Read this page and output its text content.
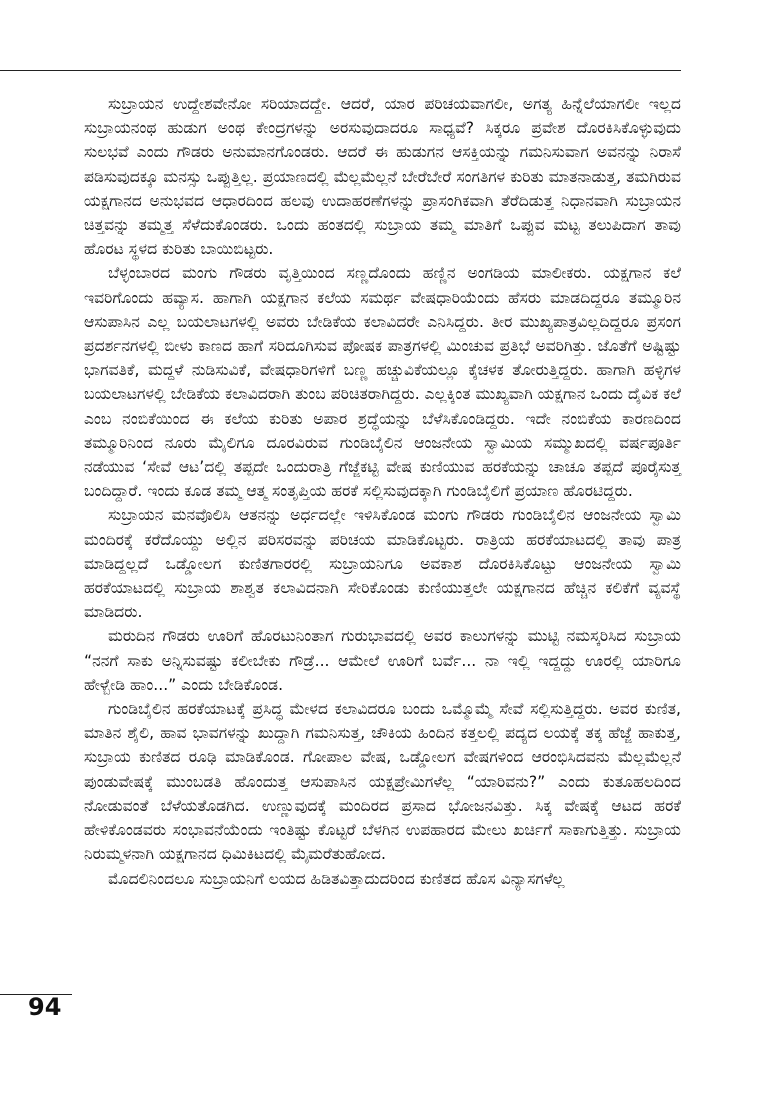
ಸುಬ್ರಾಯನ ಉದ್ದೇಶವೇನೋ ಸರಿಯಾದದ್ದೇ. ಆದರೆ, ಯಾರ ಪರಿಚಯವಾಗಲೀ, ಅಗತ್ಯ ಹಿನ್ನೆಲೆಯಾಗಲೀ ಇಲ್ಲದ ಸುಬ್ರಾಯನಂಥ ಹುಡುಗ ಅಂಥ ಕೇಂದ್ರಗಳನ್ನು ಅರಸುವುದಾದರೂ ಸಾಧ್ಯವೆ? ಸಿಕ್ಕರೂ ಪ್ರವೇಶ ದೊರಕಿಸಿಕೊಳ್ಳುವುದು ಸುಲಭವೆ ಎಂದು ಗೌಡರು ಅನುಮಾನಗೊಂಡರು. ಆದರೆ ಈ ಹುಡುಗನ ಆಸಕ್ತಿಯನ್ನು ಗಮನಿಸುವಾಗ ಅವನನ್ನು ನಿರಾಸೆ ಪಡಿಸುವುದಕ್ಕೂ ಮನಸ್ಸು ಒಪ್ಪುತ್ತಿಲ್ಲ. ಪ್ರಯಾಣದಲ್ಲಿ ಮೆಲ್ಲಮೆಲ್ಲನೆ ಬೇರೆಬೇರೆ ಸಂಗತಿಗಳ ಕುರಿತು ಮಾತನಾಡುತ್ತ, ತಮಗಿರುವ ಯಕ್ಷಗಾನದ ಅನುಭವದ ಆಧಾರದಿಂದ ಹಲವು ಉದಾಹರಣೆಗಳನ್ನು ಪ್ರಾಸಂಗಿಕವಾಗಿ ತೆರೆದಿಡುತ್ತ ನಿಧಾನವಾಗಿ ಸುಬ್ರಾಯನ ಚಿತ್ತವನ್ನು ತಮ್ಮತ್ತ ಸೆಳೆದುಕೊಂಡರು. ಒಂದು ಹಂತದಲ್ಲಿ ಸುಬ್ರಾಯ ತಮ್ಮ ಮಾತಿಗೆ ಒಪ್ಪುವ ಮಟ್ಟ ತಲುಪಿದಾಗ ತಾವು ಹೊರಟ ಸ್ಥಳದ ಕುರಿತು ಬಾಯಿಬಿಟ್ಟರು.

ಬೆಳ್ಳಂಬಾರದ ಮಂಗು ಗೌಡರು ವೃತ್ತಿಯಿಂದ ಸಣ್ಣದೊಂದು ಹಣ್ಣಿನ ಅಂಗಡಿಯ ಮಾಲೀಕರು. ಯಕ್ಷಗಾನ ಕಲೆ ಇವರಿಗೊಂದು ಹವ್ಯಾಸ. ಹಾಗಾಗಿ ಯಕ್ಷಗಾನ ಕಲೆಯ ಸಮರ್ಥ ವೇಷಧಾರಿಯೆಂದು ಹೆಸರು ಮಾಡದಿದ್ದರೂ ತಮ್ಮೂರಿನ ಆಸುಪಾಸಿನ ಎಲ್ಲ ಬಯಲಾಟಗಳಲ್ಲಿ ಅವರು ಬೇಡಿಕೆಯ ಕಲಾವಿದರೇ ಎನಿಸಿದ್ದರು. ತೀರ ಮುಖ್ಯಪಾತ್ರವಿಲ್ಲದಿದ್ದರೂ ಪ್ರಸಂಗ ಪ್ರದರ್ಶನಗಳಲ್ಲಿ ಬೀಳು ಕಾಣದ ಹಾಗೆ ಸರಿದೂಗಿಸುವ ಪೋಷಕ ಪಾತ್ರಗಳಲ್ಲಿ ಮಿಂಚುವ ಪ್ರತಿಭೆ ಅವರಿಗಿತ್ತು. ಜೊತೆಗೆ ಅಷ್ಟಿಷ್ಟು ಭಾಗವತಿಕೆ, ಮದ್ದಳೆ ನುಡಿಸುವಿಕೆ, ವೇಷಧಾರಿಗಳಿಗೆ ಬಣ್ಣ ಹಚ್ಚುವಿಕೆಯಲ್ಲೂ ಕೈಚಳಕ ತೋರುತ್ತಿದ್ದರು. ಹಾಗಾಗಿ ಹಳ್ಳಿಗಳ ಬಯಲಾಟಗಳಲ್ಲಿ ಬೇಡಿಕೆಯ ಕಲಾವಿದರಾಗಿ ತುಂಬ ಪರಿಚಿತರಾಗಿದ್ದರು. ಎಲ್ಲಕ್ಕಿಂತ ಮುಖ್ಯವಾಗಿ ಯಕ್ಷಗಾನ ಒಂದು ದೈವಿಕ ಕಲೆ ಎಂಬ ನಂಬಿಕೆಯಿಂದ ಈ ಕಲೆಯ ಕುರಿತು ಅಪಾರ ಶ್ರದ್ಧೆಯನ್ನು ಬೆಳೆಸಿಕೊಂಡಿದ್ದರು. ಇದೇ ನಂಬಿಕೆಯ ಕಾರಣದಿಂದ ತಮ್ಮೂರಿನಿಂದ ನೂರು ಮೈಲಿಗೂ ದೂರವಿರುವ ಗುಂಡಿಬೈಲಿನ ಆಂಜನೇಯ ಸ್ವಾಮಿಯ ಸಮ್ಮುಖದಲ್ಲಿ ವರ್ಷಪೂರ್ತಿ ನಡೆಯುವ ‘ಸೇವೆ ಆಟ’ದಲ್ಲಿ ತಪ್ಪದೇ ಒಂದುರಾತ್ರಿ ಗೆಜ್ಜೆಕಟ್ಟಿ ವೇಷ ಕುಣಿಯುವ ಹರಕೆಯನ್ನು ಚಾಚೂ ತಪ್ಪದೆ ಪೂರೈಸುತ್ತ ಬಂದಿದ್ದಾರೆ. ಇಂದು ಕೂಡ ತಮ್ಮ ಆತ್ಮ ಸಂತೃಪ್ತಿಯ ಹರಕೆ ಸಲ್ಲಿಸುವುದಕ್ಕಾಗಿ ಗುಂಡಿಬೈಲಿಗೆ ಪ್ರಯಾಣ ಹೊರಟಿದ್ದರು.

ಸುಬ್ರಾಯನ ಮನವೊಲಿಸಿ ಆತನನ್ನು ಅರ್ಧದಲ್ಲೇ ಇಳಿಸಿಕೊಂಡ ಮಂಗು ಗೌಡರು ಗುಂಡಿಬೈಲಿನ ಆಂಜನೇಯ ಸ್ವಾಮಿ ಮಂದಿರಕ್ಕೆ ಕರೆದೊಯ್ದು ಅಲ್ಲಿನ ಪರಿಸರವನ್ನು ಪರಿಚಯ ಮಾಡಿಕೊಟ್ಟರು. ರಾತ್ರಿಯ ಹರಕೆಯಾಟದಲ್ಲಿ ತಾವು ಪಾತ್ರ ಮಾಡಿದ್ದಲ್ಲದೆ ಒಡ್ಡೋಲಗ ಕುಣಿತಗಾರರಲ್ಲಿ ಸುಬ್ರಾಯನಿಗೂ ಅವಕಾಶ ದೊರಕಿಸಿಕೊಟ್ಟು ಆಂಜನೇಯ ಸ್ವಾಮಿ ಹರಕೆಯಾಟದಲ್ಲಿ ಸುಬ್ರಾಯ ಶಾಶ್ವತ ಕಲಾವಿದನಾಗಿ ಸೇರಿಕೊಂಡು ಕುಣಿಯುತ್ತಲೇ ಯಕ್ಷಗಾನದ ಹೆಚ್ಚಿನ ಕಲಿಕೆಗೆ ವ್ಯವಸ್ಥೆ ಮಾಡಿದರು.

ಮರುದಿನ ಗೌಡರು ಊರಿಗೆ ಹೊರಟುನಿಂತಾಗ ಗುರುಭಾವದಲ್ಲಿ ಅವರ ಕಾಲುಗಳನ್ನು ಮುಟ್ಟಿ ನಮಸ್ಕರಿಸಿದ ಸುಬ್ರಾಯ “ನನಗೆ ಸಾಕು ಅನ್ನಿಸುವಷ್ಟು ಕಲೀಬೇಕು ಗೌಡ್ರೆ... ಆಮೇಲೆ ಊರಿಗೆ ಬರ್ವೆ... ನಾ ಇಲ್ಲಿ ಇದ್ದದ್ದು ಊರಲ್ಲಿ ಯಾರಿಗೂ ಹೇಳ್ಬೇಡಿ ಹಾಂ...” ಎಂದು ಬೇಡಿಕೊಂಡ.

ಗುಂಡಿಬೈಲಿನ ಹರಕೆಯಾಟಕ್ಕೆ ಪ್ರಸಿದ್ಧ ಮೇಳದ ಕಲಾವಿದರೂ ಬಂದು ಒಮ್ಮೊಮ್ಮೆ ಸೇವೆ ಸಲ್ಲಿಸುತ್ತಿದ್ದರು. ಅವರ ಕುಣಿತ, ಮಾತಿನ ಶೈಲಿ, ಹಾವ ಭಾವಗಳನ್ನು ಖುದ್ದಾಗಿ ಗಮನಿಸುತ್ತ, ಚೌಕಿಯ ಹಿಂದಿನ ಕತ್ತಲಲ್ಲಿ ಪದ್ಯದ ಲಯಕ್ಕೆ ತಕ್ಕ ಹೆಜ್ಜೆ ಹಾಕುತ್ತ, ಸುಬ್ರಾಯ ಕುಣಿತದ ರೂಢಿ ಮಾಡಿಕೊಂಡ. ಗೋಪಾಲ ವೇಷ, ಒಡ್ಡೋಲಗ ವೇಷಗಳಿಂದ ಆರಂಭಿಸಿದವನು ಮೆಲ್ಲಮೆಲ್ಲನೆ ಪುಂಡುವೇಷಕ್ಕೆ ಮುಂಬಡತಿ ಹೊಂದುತ್ತ ಆಸುಪಾಸಿನ ಯಕ್ಷಪ್ರೇಮಿಗಳೆಲ್ಲ “ಯಾರಿವನು?” ಎಂದು ಕುತೂಹಲದಿಂದ ನೋಡುವಂತೆ ಬೆಳೆಯತೊಡಗಿದ. ಉಣ್ಣುವುದಕ್ಕೆ ಮಂದಿರದ ಪ್ರಸಾದ ಭೋಜನವಿತ್ತು. ಸಿಕ್ಕ ವೇಷಕ್ಕೆ ಆಟದ ಹರಕೆ ಹೇಳಿಕೊಂಡವರು ಸಂಭಾವನೆಯೆಂದು ಇಂತಿಷ್ಟು ಕೊಟ್ಟರೆ ಬೆಳಗಿನ ಉಪಹಾರದ ಮೇಲು ಖರ್ಚಿಗೆ ಸಾಕಾಗುತ್ತಿತ್ತು. ಸುಬ್ರಾಯ ನಿರುಮ್ಮಳನಾಗಿ ಯಕ್ಷಗಾನದ ಧಿಮಿಕಿಟದಲ್ಲಿ ಮೈಮರೆತುಹೋದ.

ಮೊದಲಿನಿಂದಲೂ ಸುಬ್ರಾಯನಿಗೆ ಲಯದ ಹಿಡಿತವಿತ್ತಾದುದರಿಂದ ಕುಣಿತದ ಹೊಸ ವಿನ್ಯಾಸಗಳೆಲ್ಲ

94
